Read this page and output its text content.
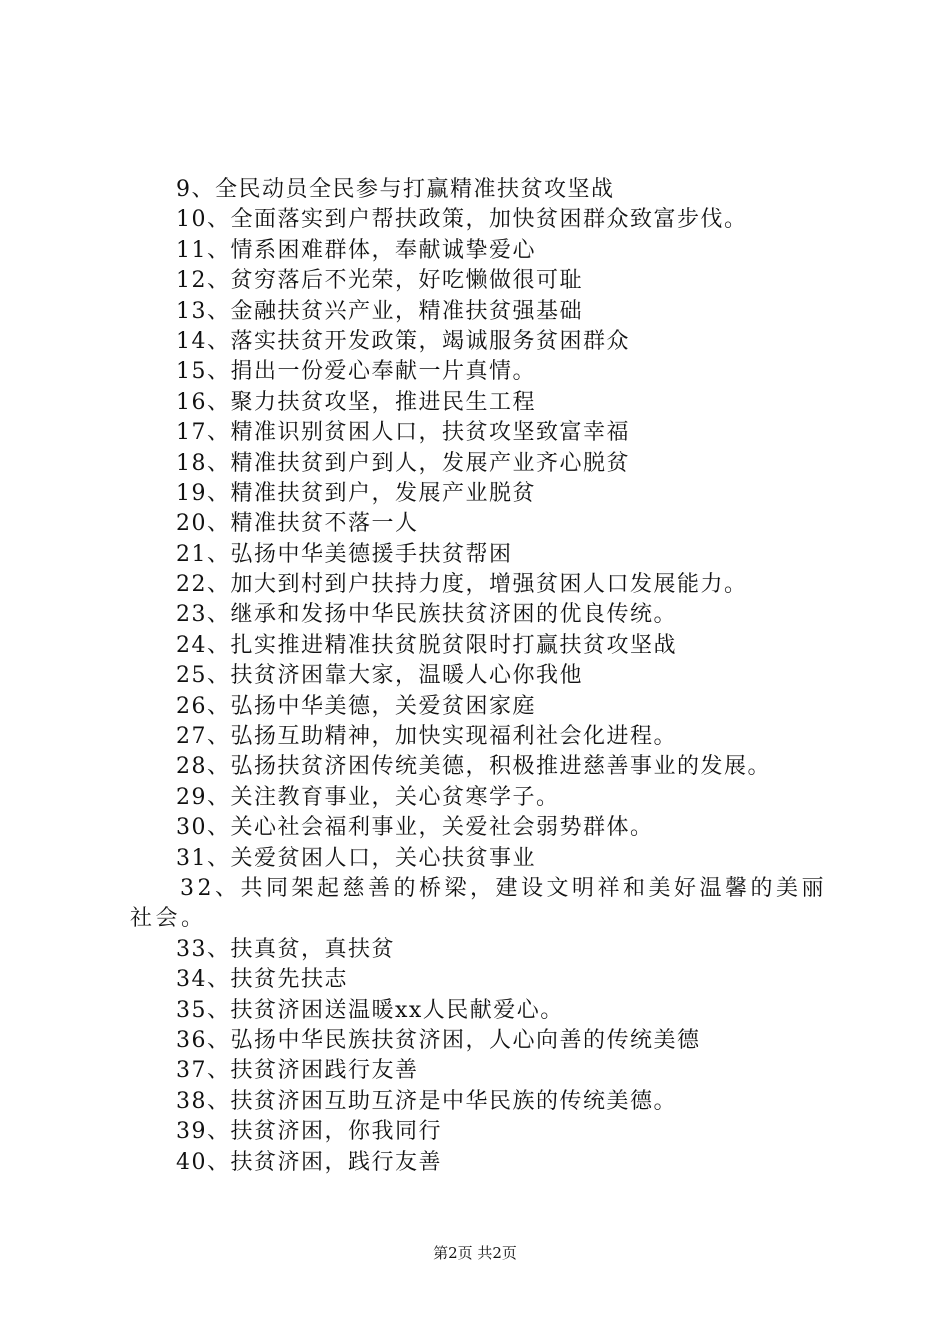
9、全民动员全民参与打赢精准扶贫攻坚战
10、全面落实到户帮扶政策，加快贫困群众致富步伐。
11、情系困难群体，奉献诚挚爱心
12、贫穷落后不光荣，好吃懒做很可耻
13、金融扶贫兴产业，精准扶贫强基础
14、落实扶贫开发政策，竭诚服务贫困群众
15、捐出一份爱心奉献一片真情。
16、聚力扶贫攻坚，推进民生工程
17、精准识别贫困人口，扶贫攻坚致富幸福
18、精准扶贫到户到人，发展产业齐心脱贫
19、精准扶贫到户，发展产业脱贫
20、精准扶贫不落一人
21、弘扬中华美德援手扶贫帮困
22、加大到村到户扶持力度，增强贫困人口发展能力。
23、继承和发扬中华民族扶贫济困的优良传统。
24、扎实推进精准扶贫脱贫限时打赢扶贫攻坚战
25、扶贫济困靠大家，温暖人心你我他
26、弘扬中华美德，关爱贫困家庭
27、弘扬互助精神，加快实现福利社会化进程。
28、弘扬扶贫济困传统美德，积极推进慈善事业的发展。
29、关注教育事业，关心贫寒学子。
30、关心社会福利事业，关爱社会弱势群体。
31、关爱贫困人口，关心扶贫事业
32、共同架起慈善的桥梁，建设文明祥和美好温馨的美丽社会。
33、扶真贫，真扶贫
34、扶贫先扶志
35、扶贫济困送温暖xx人民献爱心。
36、弘扬中华民族扶贫济困，人心向善的传统美德
37、扶贫济困践行友善
38、扶贫济困互助互济是中华民族的传统美德。
39、扶贫济困，你我同行
40、扶贫济困，践行友善
第2页 共2页
